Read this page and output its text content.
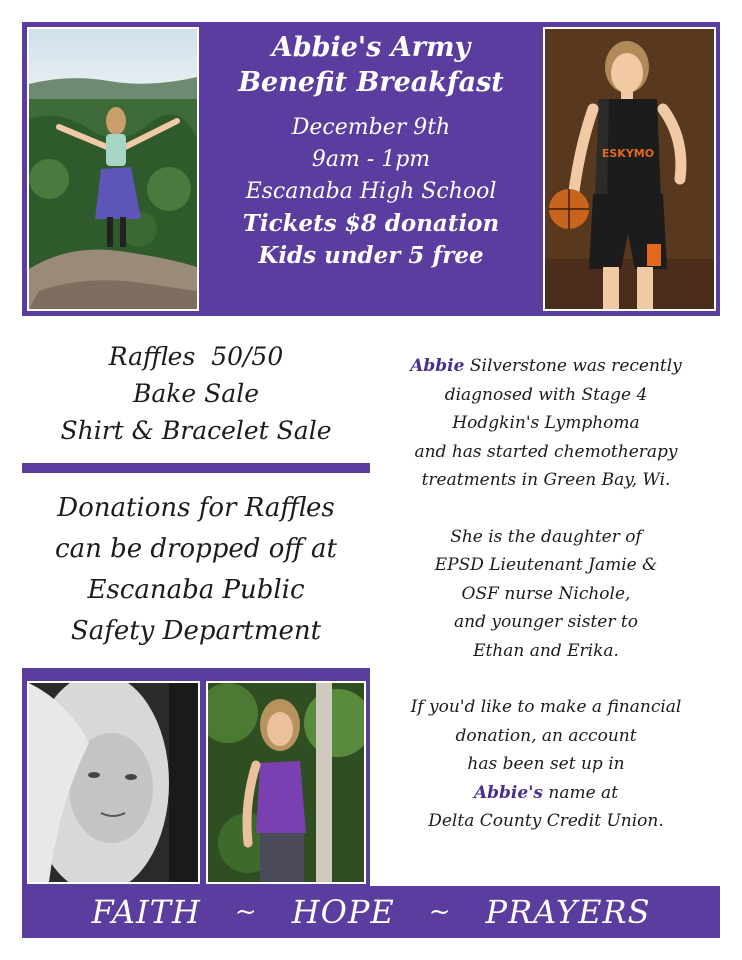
ESKYMO
Abbie's Army
Benefit Breakfast
December 9th
9am - 1pm
Escanaba High School
Tickets $8 donation
Kids under 5 free
Raffles  50/50
Bake Sale
Shirt & Bracelet Sale
Donations for Raffles
can be dropped off at
Escanaba Public
Safety Department
Abbie Silverstone was recently
diagnosed with Stage 4
Hodgkin's Lymphoma
and has started chemotherapy
treatments in Green Bay, Wi.
She is the daughter of
EPSD Lieutenant Jamie &
OSF nurse Nichole,
and younger sister to
Ethan and Erika.
If you'd like to make a financial
donation, an account
has been set up in
Abbie's name at
Delta County Credit Union.
FAITH ~ HOPE ~ PRAYERS
